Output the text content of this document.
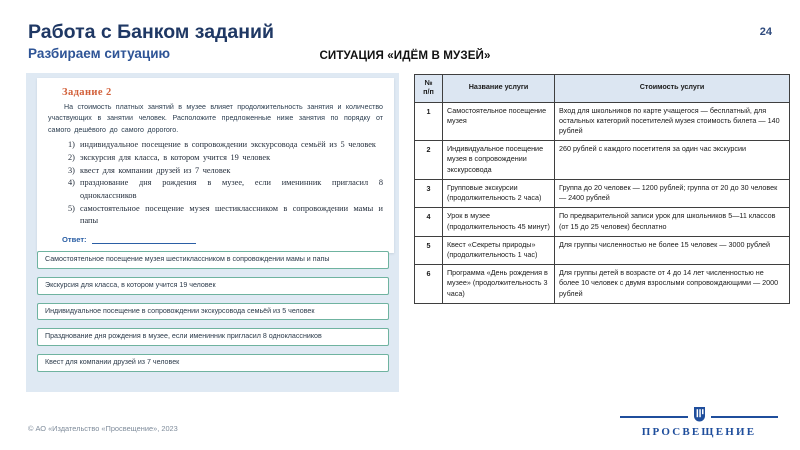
Работа с Банком заданий
Разбираем ситуацию
24
СИТУАЦИЯ «ИДЁМ В МУЗЕЙ»
Задание 2

На стоимость платных занятий в музее влияет продолжительность занятия и количество участвующих в занятии человек. Расположите предложенные ниже занятия по порядку от самого дешёвого до самого дорогого.

1) индивидуальное посещение в сопровождении экскурсовода семьёй из 5 человек
2) экскурсия для класса, в котором учится 19 человек
3) квест для компании друзей из 7 человек
4) празднование дня рождения в музее, если именинник пригласил 8 одноклассников
5) самостоятельное посещение музея шестиклассником в сопровождении мамы и папы
Ответ:
Самостоятельное посещение музея шестиклассником в сопровождении мамы и папы
Экскурсия для класса, в котором учится 19 человек
Индивидуальное посещение в сопровождении экскурсовода семьёй из 5 человек
Празднование дня рождения в музее, если именинник пригласил 8 одноклассников
Квест для компании друзей из 7 человек
№
п/п	Название услуги	Стоимость услуги
1	Самостоятельное посещение музея	Вход для школьников по карте учащегося — бесплатный, для остальных категорий посетителей музея стоимость билета — 140 рублей
2	Индивидуальное посещение музея в сопровождении экскурсовода	260 рублей с каждого посетителя за один час экскурсии
3	Групповые экскурсии (продолжительность 2 часа)	Группа до 20 человек — 1200 рублей; группа от 20 до 30 человек — 2400 рублей
4	Урок в музее (продолжительность 45 минут)	По предварительной записи урок для школьников 5—11 классов (от 15 до 25 человек) бесплатно
5	Квест «Секреты природы» (продолжительность 1 час)	Для группы численностью не более 15 человек — 3000 рублей
6	Программа «День рождения в музее» (продолжительность 3 часа)	Для группы детей в возрасте от 4 до 14 лет численностью не более 10 человек с двумя взрослыми сопровождающими — 2000 рублей
© АО «Издательство «Просвещение», 2023	ПРОСВЕЩЕНИЕ
